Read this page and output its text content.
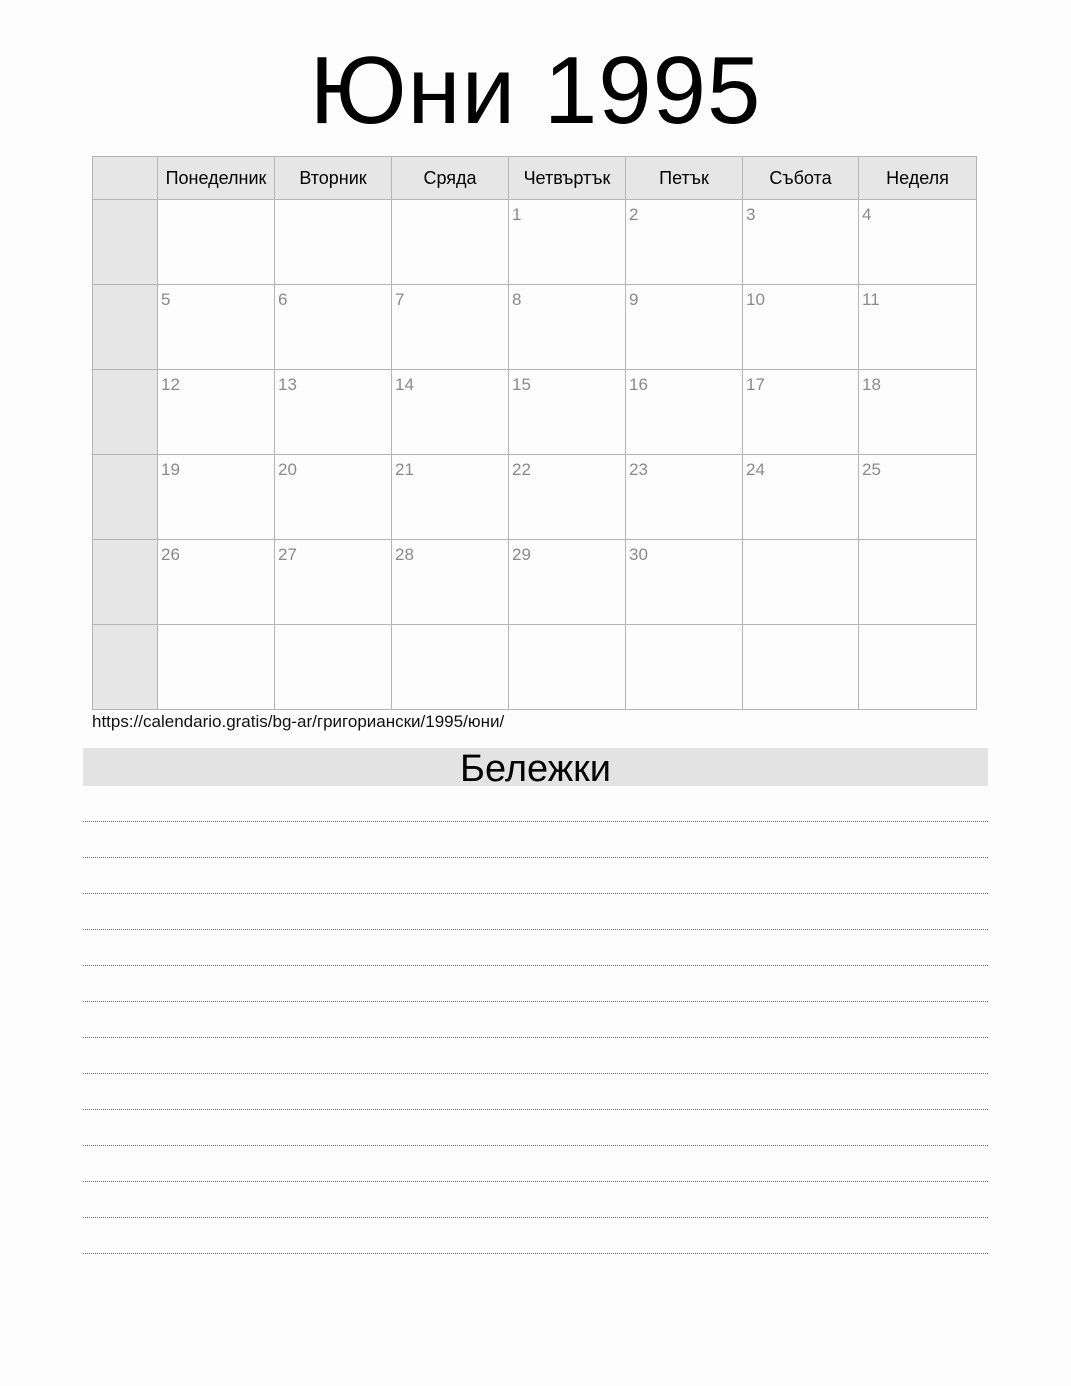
Юни 1995
	Понеделник	Вторник	Сряда	Четвъртък	Петък	Събота	Неделя

				1	2	3	4

	5	6	7	8	9	10	11

	12	13	14	15	16	17	18

	19	20	21	22	23	24	25

	26	27	28	29	30		

https://calendario.gratis/bg-ar/григориански/1995/юни/
Бележки
